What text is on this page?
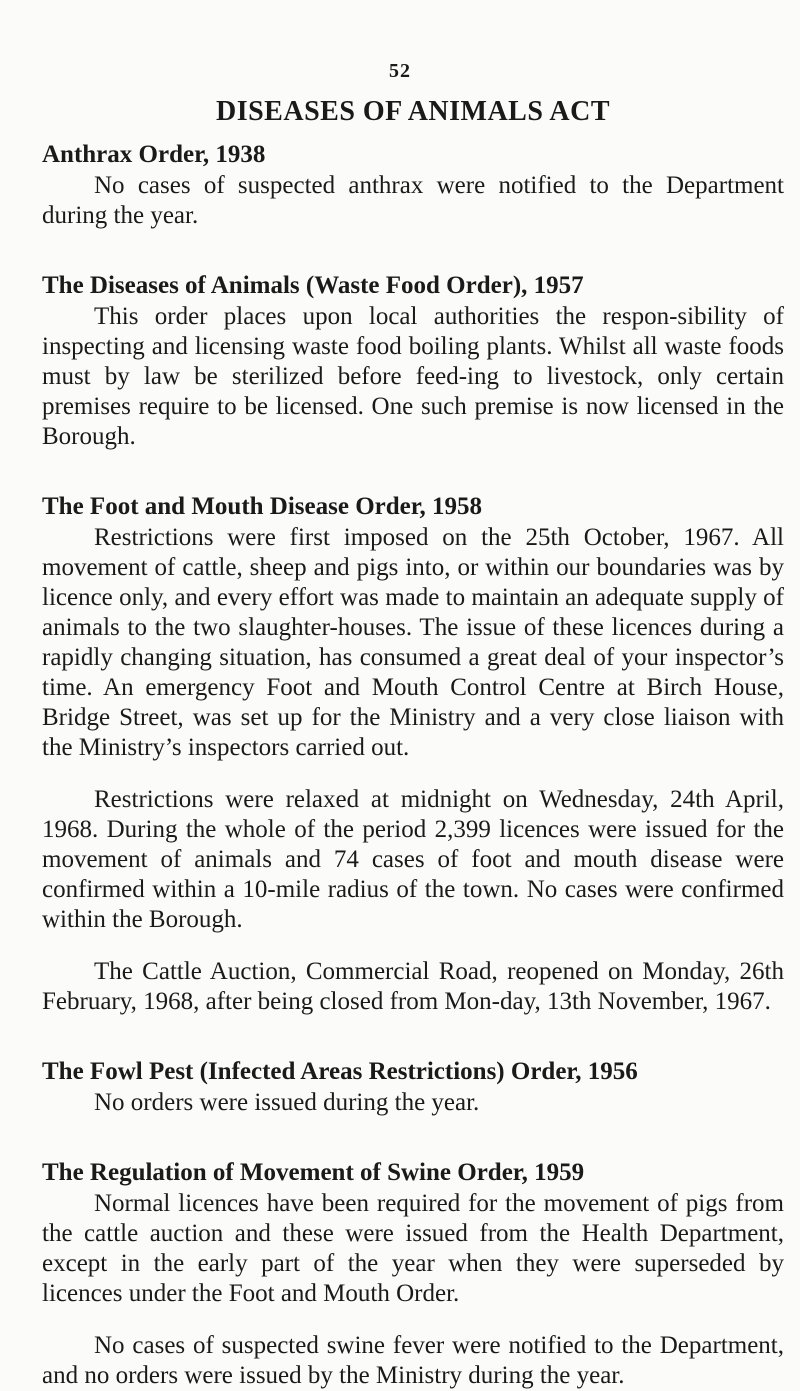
52
DISEASES OF ANIMALS ACT
Anthrax Order, 1938

No cases of suspected anthrax were notified to the Department during the year.

The Diseases of Animals (Waste Food Order), 1957

This order places upon local authorities the respon-sibility of inspecting and licensing waste food boiling plants. Whilst all waste foods must by law be sterilized before feed-ing to livestock, only certain premises require to be licensed. One such premise is now licensed in the Borough.

The Foot and Mouth Disease Order, 1958

Restrictions were first imposed on the 25th October, 1967. All movement of cattle, sheep and pigs into, or within our boundaries was by licence only, and every effort was made to maintain an adequate supply of animals to the two slaughter-houses. The issue of these licences during a rapidly changing situation, has consumed a great deal of your inspector’s time. An emergency Foot and Mouth Control Centre at Birch House, Bridge Street, was set up for the Ministry and a very close liaison with the Ministry’s inspectors carried out.

Restrictions were relaxed at midnight on Wednesday, 24th April, 1968. During the whole of the period 2,399 licences were issued for the movement of animals and 74 cases of foot and mouth disease were confirmed within a 10-mile radius of the town. No cases were confirmed within the Borough.

The Cattle Auction, Commercial Road, reopened on Monday, 26th February, 1968, after being closed from Mon-day, 13th November, 1967.

The Fowl Pest (Infected Areas Restrictions) Order, 1956

No orders were issued during the year.

The Regulation of Movement of Swine Order, 1959

Normal licences have been required for the movement of pigs from the cattle auction and these were issued from the Health Department, except in the early part of the year when they were superseded by licences under the Foot and Mouth Order.

No cases of suspected swine fever were notified to the Department, and no orders were issued by the Ministry during the year.
